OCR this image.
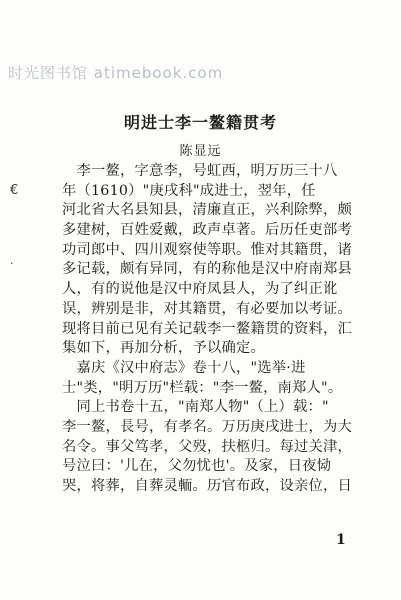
时光图书馆 atimebook.com
明进士李一鳌籍贯考
陈显远
€
·
　李一鳌，字意李，号虹西，明万历三十八
年（1610）"庚戌科"成进士，翌年，任
河北省大名县知县，清廉直正，兴利除弊，颇
多建树，百姓爱戴，政声卓著。后历任吏部考
功司郎中、四川观察使等职。惟对其籍贯，诸
多记载，颇有异同，有的称他是汉中府南郑县
人，有的说他是汉中府凤县人，为了纠正讹
误，辨别是非，对其籍贯，有必要加以考证。
现将目前已见有关记载李一鳌籍贯的资料，汇
集如下，再加分析，予以确定。
　嘉庆《汉中府志》卷十八，"选举·进
士"类，"明万历"栏载："李一鳌，南郑人"。
　同上书卷十五，"南郑人物"（上）载："
李一鳌，長号，有孝名。万历庚戌进士，为大
名令。事父笃孝，父殁，扶柩归。每过关津，
号泣曰：'儿在，父勿忧也'。及家，日夜恸
哭，将葬，自葬灵輀。历官布政，设亲位，日
1
